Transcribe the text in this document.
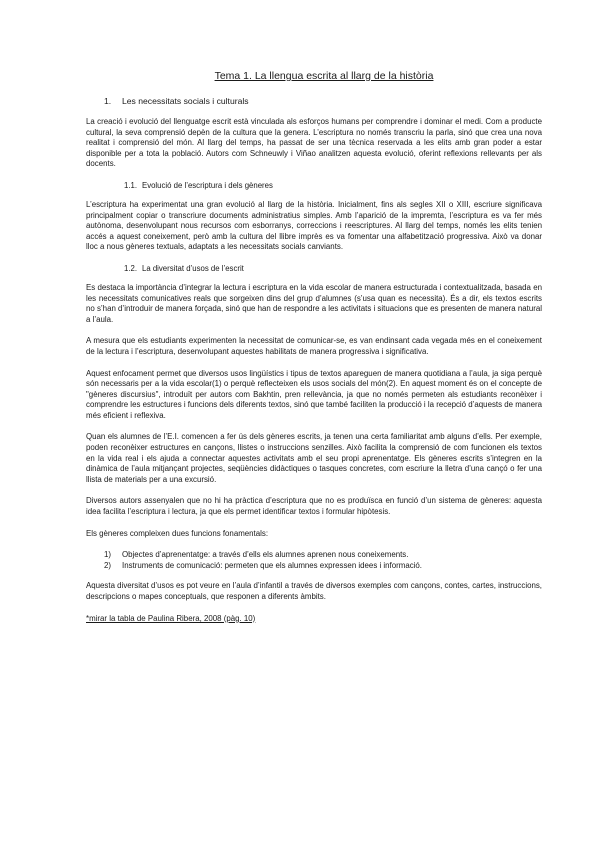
Tema 1. La llengua escrita al llarg de la història
1. Les necessitats socials i culturals

La creació i evolució del llenguatge escrit està vinculada als esforços humans per comprendre i dominar el medi. Com a producte cultural, la seva comprensió depèn de la cultura que la genera. L’escriptura no només transcriu la parla, sinó que crea una nova realitat i comprensió del món. Al llarg del temps, ha passat de ser una tècnica reservada a les elits amb gran poder a estar disponible per a tota la població. Autors com Schneuwly i Viñao analitzen aquesta evolució, oferint reflexions rellevants per als docents.

1.1. Evolució de l’escriptura i dels gèneres

L’escriptura ha experimentat una gran evolució al llarg de la història. Inicialment, fins als segles XII o XIII, escriure significava principalment copiar o transcriure documents administratius simples. Amb l’aparició de la impremta, l’escriptura es va fer més autònoma, desenvolupant nous recursos com esborranys, correccions i reescriptures. Al llarg del temps, només les elits tenien accés a aquest coneixement, però amb la cultura del llibre imprès es va fomentar una alfabetització progressiva. Això va donar lloc a nous gèneres textuals, adaptats a les necessitats socials canviants.

1.2. La diversitat d’usos de l’escrit

Es destaca la importància d’integrar la lectura i escriptura en la vida escolar de manera estructurada i contextualitzada, basada en les necessitats comunicatives reals que sorgeixen dins del grup d’alumnes (s’usa quan es necessita). És a dir, els textos escrits no s’han d’introduir de manera forçada, sinó que han de respondre a les activitats i situacions que es presenten de manera natural a l’aula.

A mesura que els estudiants experimenten la necessitat de comunicar-se, es van endinsant cada vegada més en el coneixement de la lectura i l’escriptura, desenvolupant aquestes habilitats de manera progressiva i significativa.

Aquest enfocament permet que diversos usos lingüístics i tipus de textos apareguen de manera quotidiana a l’aula, ja siga perquè són necessaris per a la vida escolar(1) o perquè reflecteixen els usos socials del món(2). En aquest moment és on el concepte de "gèneres discursius", introduït per autors com Bakhtin, pren rellevància, ja que no només permeten als estudiants reconèixer i comprendre les estructures i funcions dels diferents textos, sinó que també faciliten la producció i la recepció d’aquests de manera més eficient i reflexiva.

Quan els alumnes de l’E.I. comencen a fer ús dels gèneres escrits, ja tenen una certa familiaritat amb alguns d’ells. Per exemple, poden reconèixer estructures en cançons, llistes o instruccions senzilles. Això facilita la comprensió de com funcionen els textos en la vida real i els ajuda a connectar aquestes activitats amb el seu propi aprenentatge. Els gèneres escrits s’integren en la dinàmica de l’aula mitjançant projectes, seqüències didàctiques o tasques concretes, com escriure la lletra d’una cançó o fer una llista de materials per a una excursió.

Diversos autors assenyalen que no hi ha pràctica d’escriptura que no es produïsca en funció d’un sistema de gèneres: aquesta idea facilita l’escriptura i lectura, ja que els permet identificar textos i formular hipòtesis.

Els gèneres compleixen dues funcions fonamentals:

1)	Objectes d’aprenentatge: a través d’ells els alumnes aprenen nous coneixements.
2)	Instruments de comunicació: permeten que els alumnes expressen idees i informació.

Aquesta diversitat d’usos es pot veure en l’aula d’infantil a través de diversos exemples com cançons, contes, cartes, instruccions, descripcions o mapes conceptuals, que responen a diferents àmbits.

*mirar la tabla de Paulina Ribera, 2008 (pàg. 10)
